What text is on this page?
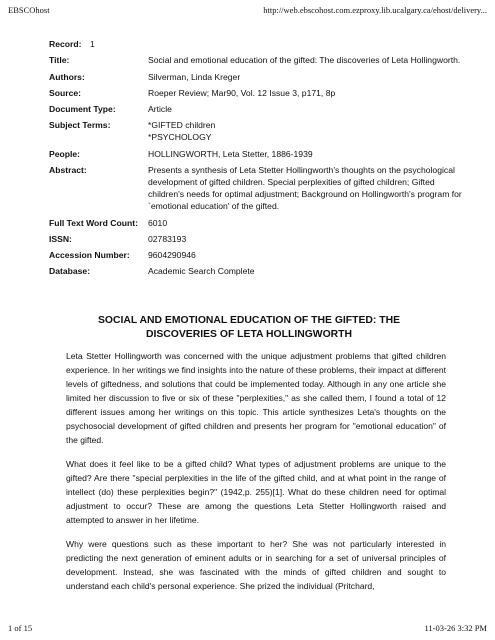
EBSCOhost	http://web.ebscohost.com.ezproxy.lib.ucalgary.ca/ehost/delivery...
Record: 1
Title:	Social and emotional education of the gifted: The discoveries of Leta Hollingworth.
Authors:	Silverman, Linda Kreger
Source:	Roeper Review; Mar90, Vol. 12 Issue 3, p171, 8p
Document Type:	Article
Subject Terms:	*GIFTED children
*PSYCHOLOGY
People:	HOLLINGWORTH, Leta Stetter, 1886-1939
Abstract:	Presents a synthesis of Leta Stetter Hollingworth's thoughts on the psychological development of gifted children. Special perplexities of gifted children; Gifted children's needs for optimal adjustment; Background on Hollingworth's program for `emotional education' of the gifted.
Full Text Word Count:	6010
ISSN:	02783193
Accession Number:	9604290946
Database:	Academic Search Complete
SOCIAL AND EMOTIONAL EDUCATION OF THE GIFTED: THE
DISCOVERIES OF LETA HOLLINGWORTH

Leta Stetter Hollingworth was concerned with the unique adjustment problems that gifted children experience. In her writings we find insights into the nature of these problems, their impact at different levels of giftedness, and solutions that could be implemented today. Although in any one article she limited her discussion to five or six of these "perplexities," as she called them, I found a total of 12 different issues among her writings on this topic. This article synthesizes Leta's thoughts on the psychosocial development of gifted children and presents her program for "emotional education" of the gifted.

What does it feel like to be a gifted child? What types of adjustment problems are unique to the gifted? Are there "special perplexities in the life of the gifted child, and at what point in the range of intellect (do) these perplexities begin?" (1942,p. 255)[1]. What do these children need for optimal adjustment to occur? These are among the questions Leta Stetter Hollingworth raised and attempted to answer in her lifetime.

Why were questions such as these important to her? She was not particularly interested in predicting the next generation of eminent adults or in searching for a set of universal principles of development. Instead, she was fascinated with the minds of gifted children and sought to understand each child's personal experience. She prized the individual (Pritchard,

1 of 15	11-03-26 3:32 PM
